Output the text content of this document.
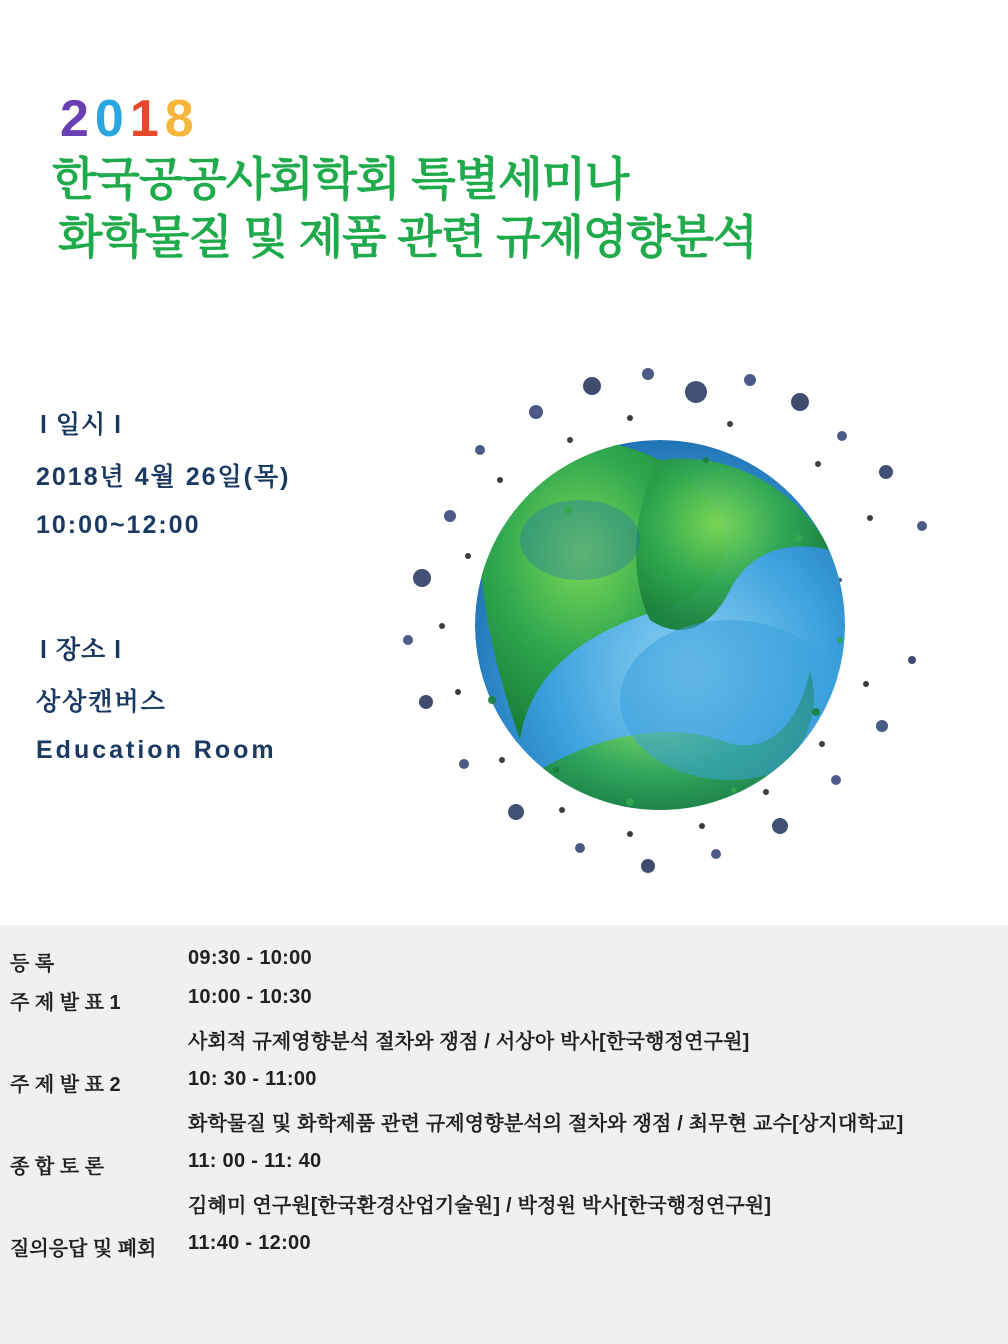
2018
한국공공사회학회 특별세미나
화학물질 및 제품 관련 규제영향분석
l 일시 l
2018년 4월 26일(목)
10:00~12:00
l 장소 l
상상캔버스
Education Room
등 록	09:30 - 10:00
주 제 발 표 1	10:00 - 10:30
사회적 규제영향분석 절차와 쟁점 / 서상아 박사[한국행정연구원]
주 제 발 표 2	10: 30 - 11:00
화학물질 및 화학제품 관련 규제영향분석의 절차와 쟁점 / 최무현 교수[상지대학교]
종 합 토 론	11: 00 - 11: 40
김혜미 연구원[한국환경산업기술원] / 박정원 박사[한국행정연구원]
질의응답 및 폐회	11:40 - 12:00
